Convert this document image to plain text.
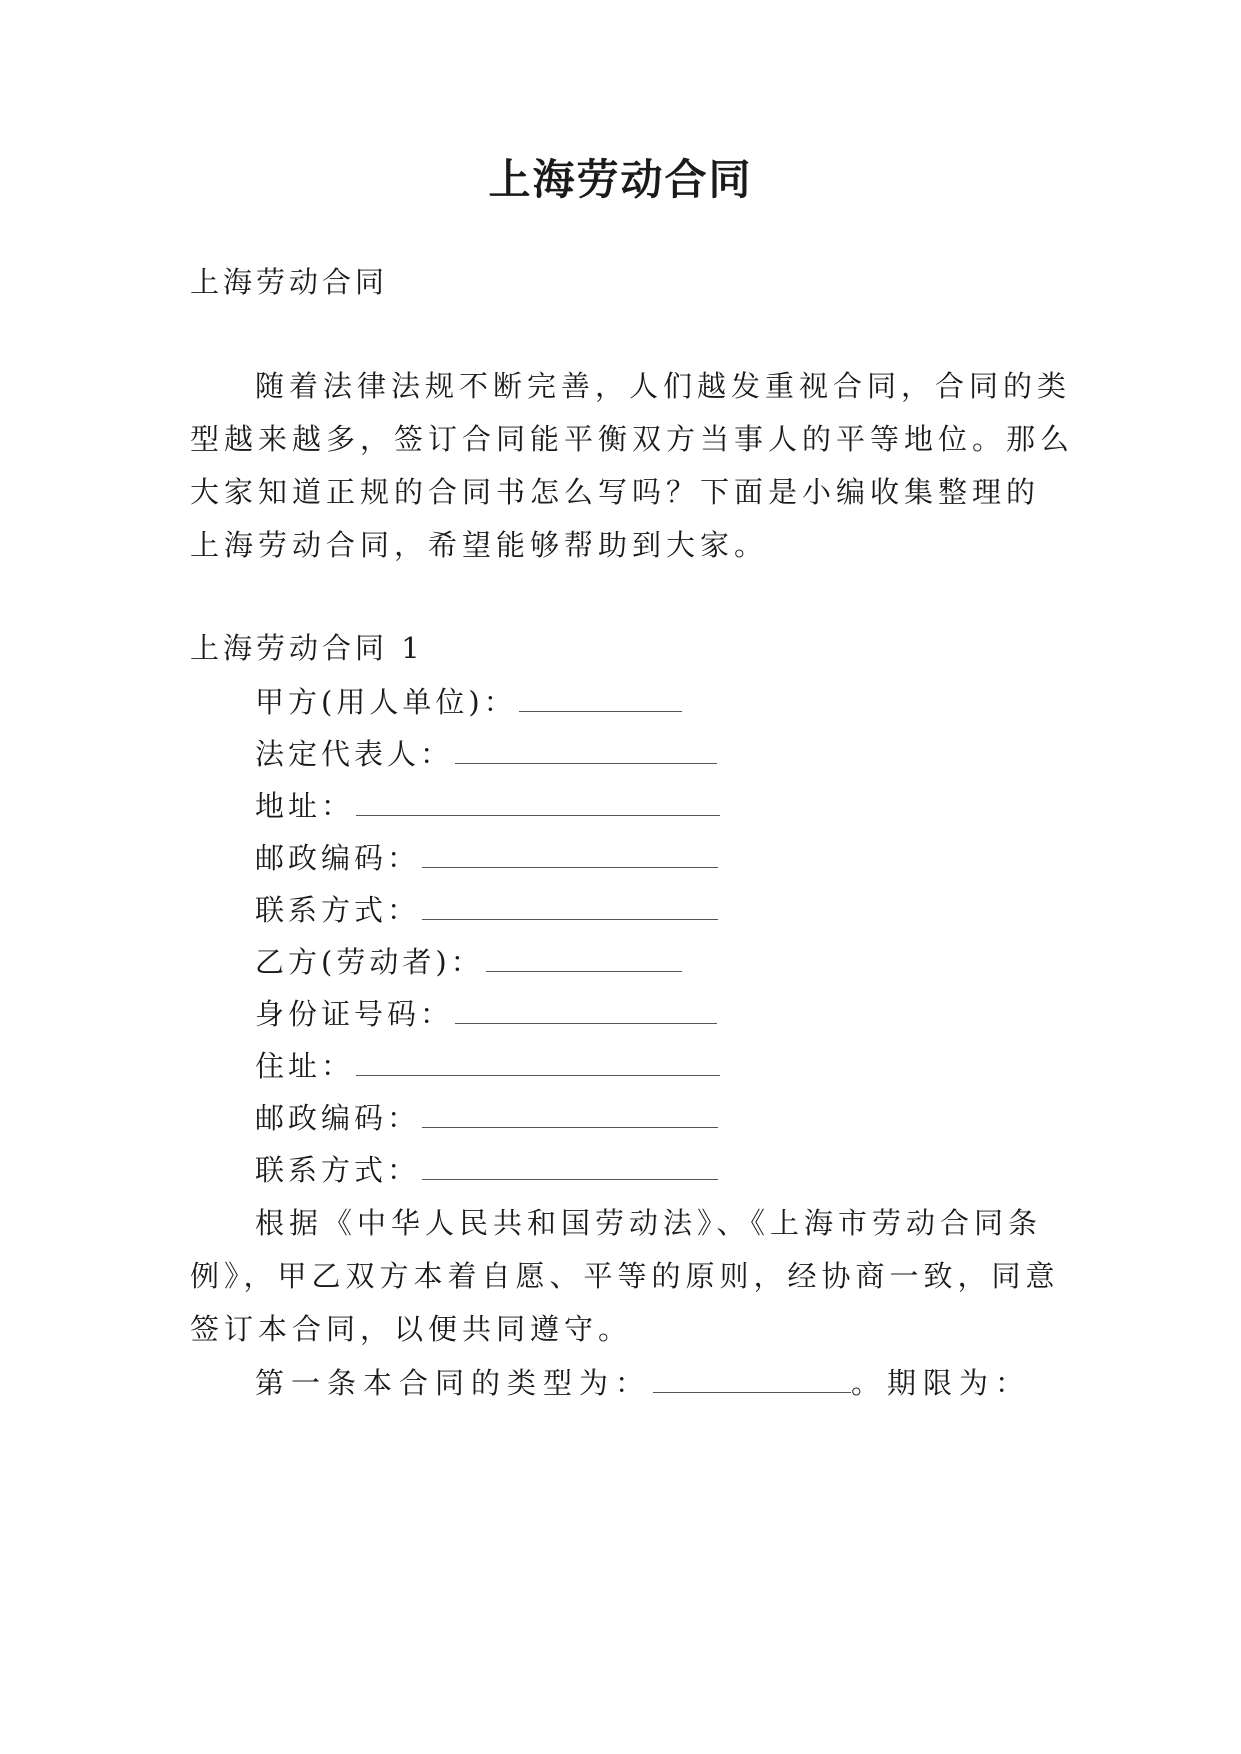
上海劳动合同
上海劳动合同
随着法律法规不断完善，人们越发重视合同，合同的类
型越来越多，签订合同能平衡双方当事人的平等地位。那么
大家知道正规的合同书怎么写吗？下面是小编收集整理的
上海劳动合同，希望能够帮助到大家。
上海劳动合同 1
甲方(用人单位)：
法定代表人：
地址：
邮政编码：
联系方式：
乙方(劳动者)：
身份证号码：
住址：
邮政编码：
联系方式：
根据《中华人民共和国劳动法》、《上海市劳动合同条
例》，甲乙双方本着自愿、平等的原则，经协商一致，同意
签订本合同，以便共同遵守。
第一条本合同的类型为：	。期限为：
